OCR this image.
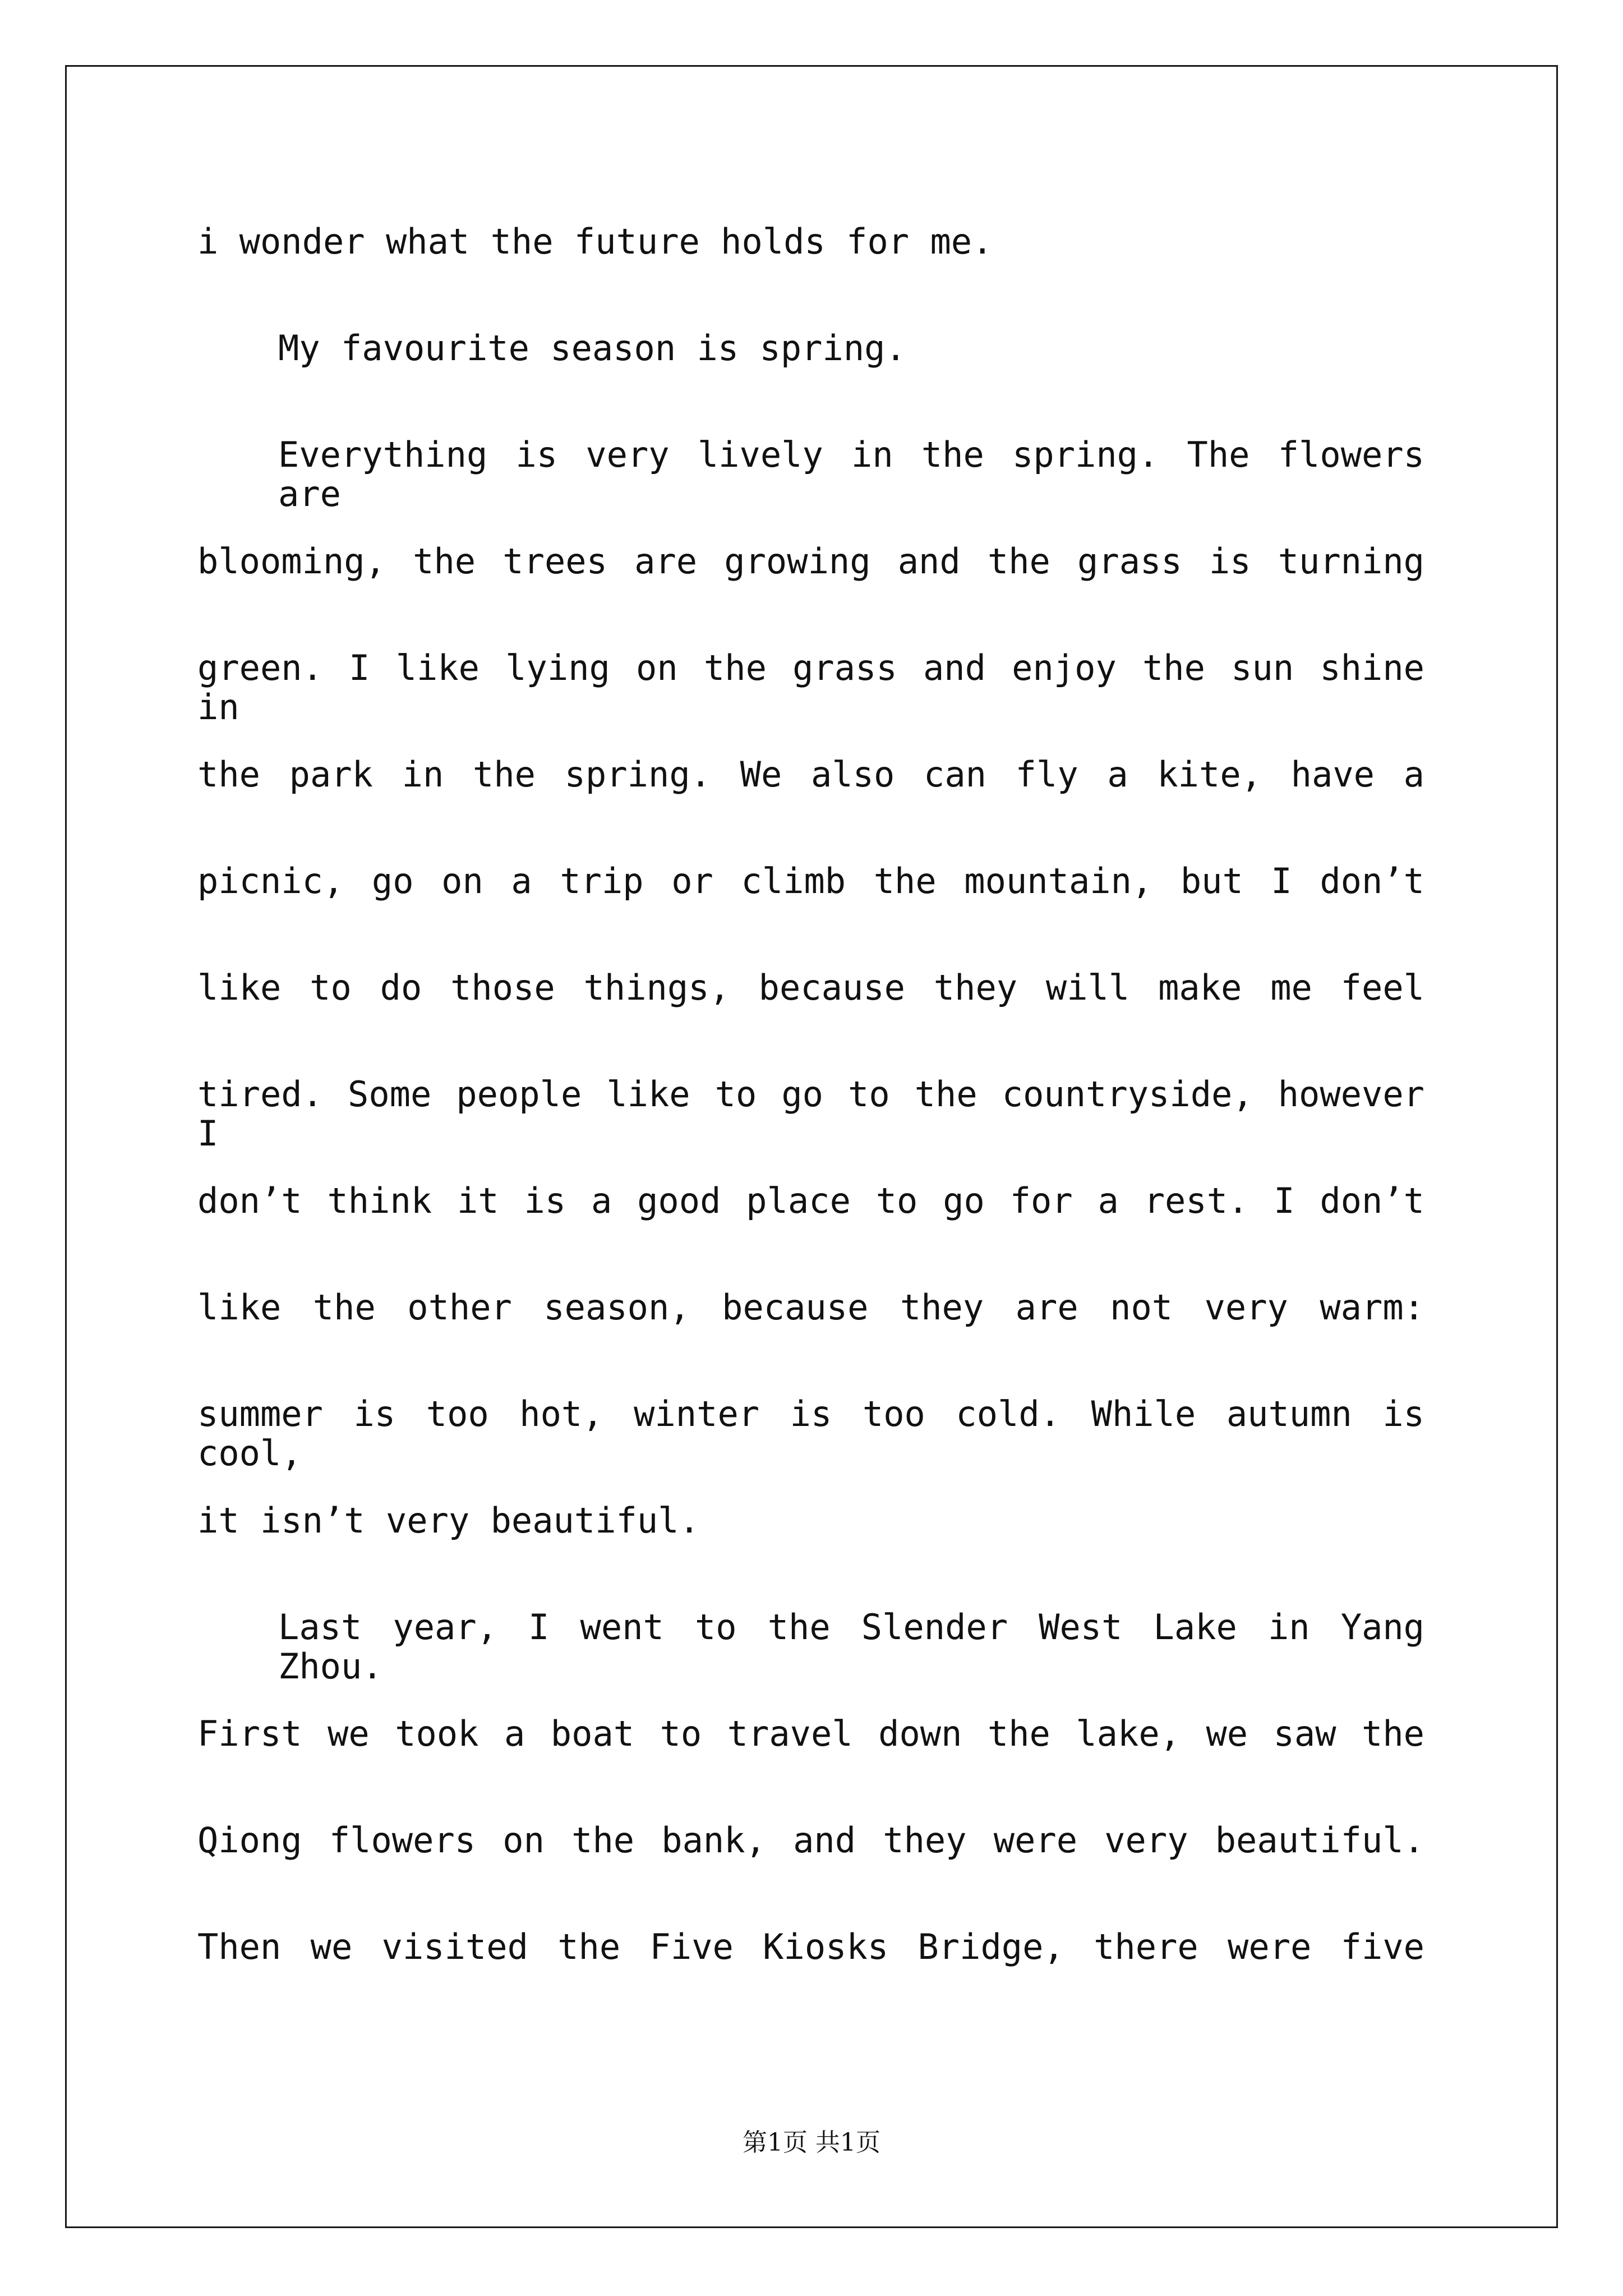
i wonder what the future holds for me.
My favourite season is spring.
Everything is very lively in the spring. The flowers are
blooming, the trees are growing and the grass is turning
green. I like lying on the grass and enjoy the sun shine in
the park in the spring. We also can fly a kite, have a
picnic, go on a trip or climb the mountain, but I don’t
like to do those things, because they will make me feel
tired. Some people like to go to the countryside, however I
don’t think it is a good place to go for a rest. I don’t
like the other season, because they are not very warm:
summer is too hot, winter is too cold. While autumn is cool,
it isn’t very beautiful.
Last year, I went to the Slender West Lake in Yang Zhou.
First we took a boat to travel down the lake, we saw the
Qiong flowers on the bank, and they were very beautiful.
Then we visited the Five Kiosks Bridge, there were five
第1页 共1页
